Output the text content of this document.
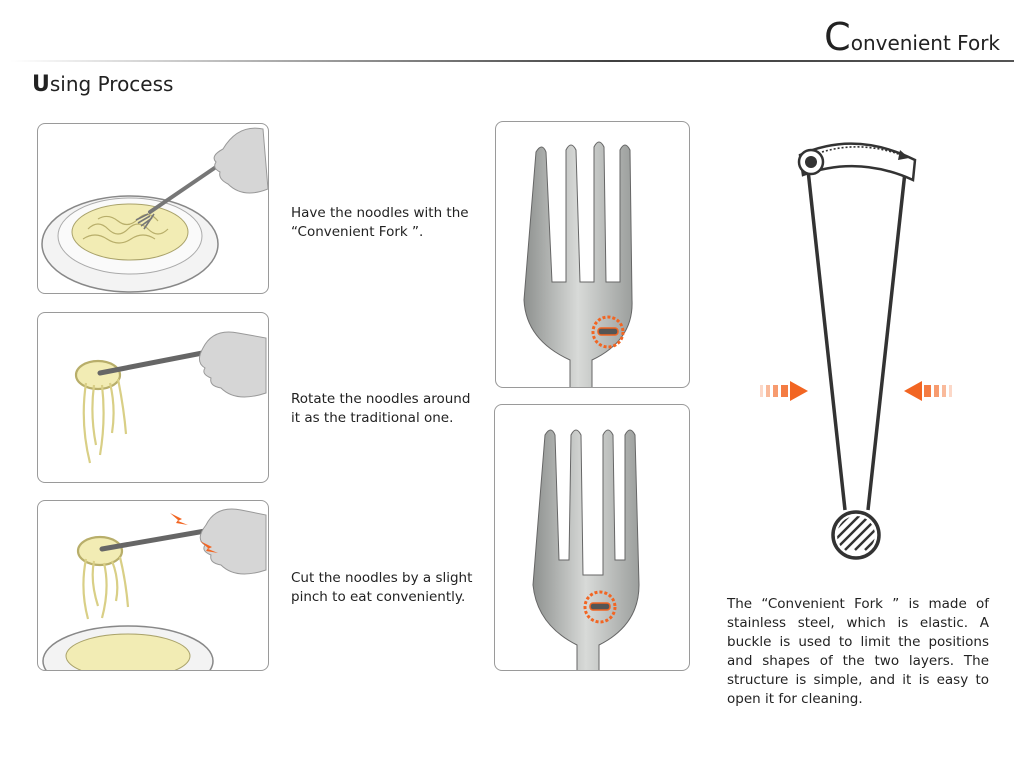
Convenient Fork
Using Process
Have the noodles with the
“Convenient Fork ”.
Rotate the noodles around
it as the traditional one.
Cut the noodles by a slight
pinch to eat conveniently.	The “Convenient Fork ” is made of stainless steel, which is elastic. A buckle is used to limit the positions and shapes of the two layers. The structure is simple, and it is easy to open it for cleaning.
